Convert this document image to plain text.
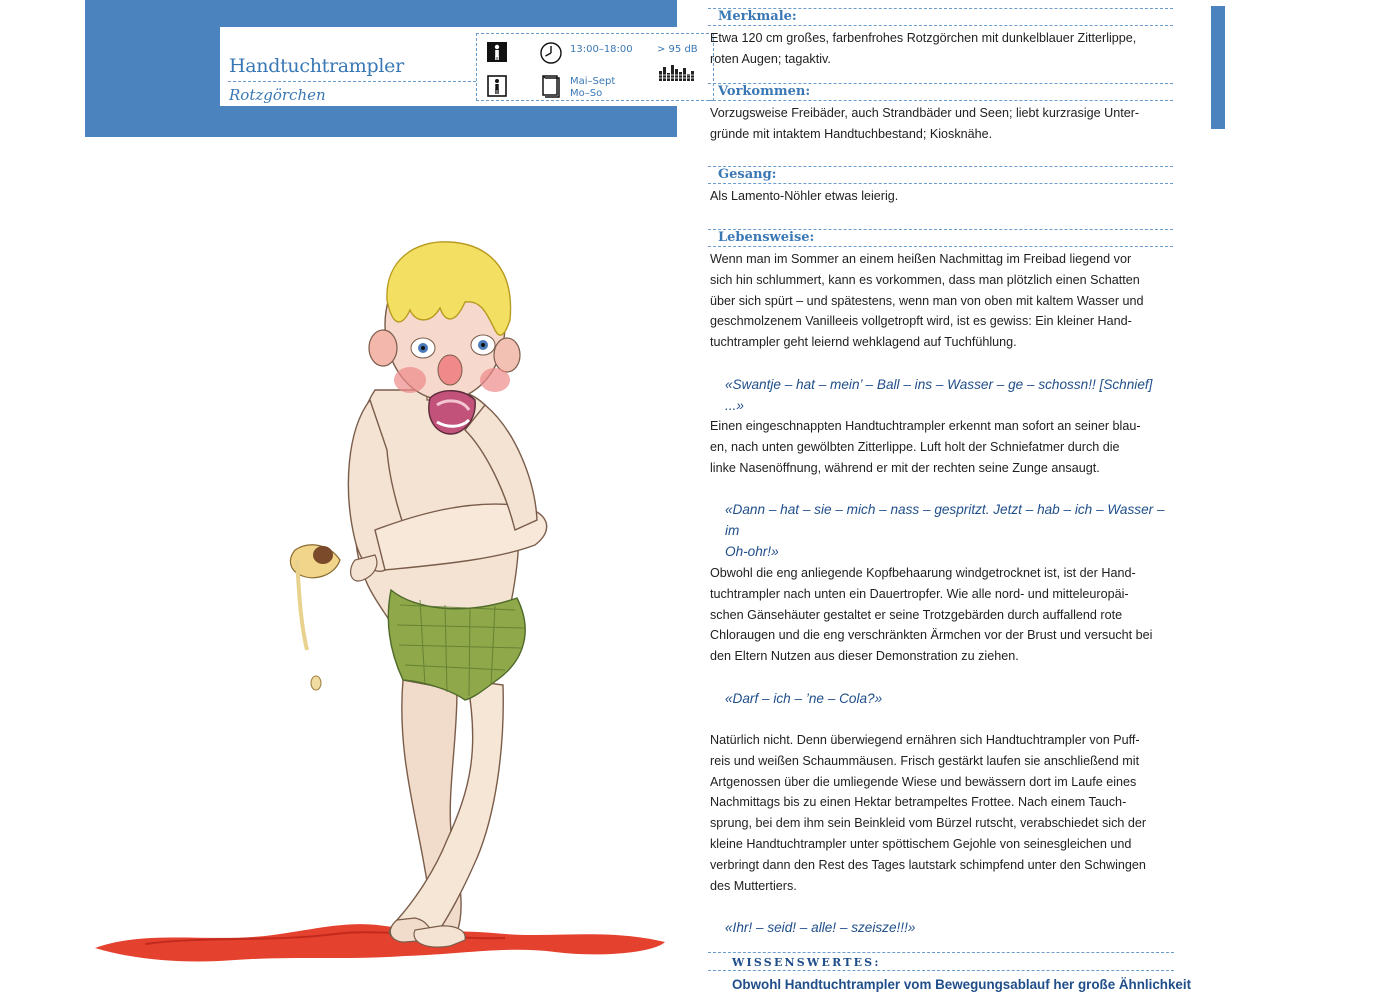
Handtuchtrampler
Rotzgörchen
13:00–18:00
Mai–Sept
Mo–So
> 95 dB
Merkmale:
Etwa 120 cm großes, farbenfrohes Rotzgörchen mit dunkelblauer Zitterlippe,
roten Augen; tagaktiv.
Vorkommen:
Vorzugsweise Freibäder, auch Strandbäder und Seen; liebt kurzrasige Unter-
gründe mit intaktem Handtuchbestand; Kiosknähe.
Gesang:
Als Lamento-Nöhler etwas leierig.
Lebensweise:
Wenn man im Sommer an einem heißen Nachmittag im Freibad liegend vor
sich hin schlummert, kann es vorkommen, dass man plötzlich einen Schatten
über sich spürt – und spätestens, wenn man von oben mit kaltem Wasser und
geschmolzenem Vanilleeis vollgetropft wird, ist es gewiss: Ein kleiner Hand-
tuchtrampler geht leiernd wehklagend auf Tuchfühlung.
«Swantje – hat – mein’ – Ball – ins – Wasser – ge – schossn!! [Schnief] ...»
Einen eingeschnappten Handtuchtrampler erkennt man sofort an seiner blau-
en, nach unten gewölbten Zitterlippe. Luft holt der Schniefatmer durch die
linke Nasenöffnung, während er mit der rechten seine Zunge ansaugt.
«Dann – hat – sie – mich – nass – gespritzt. Jetzt – hab – ich – Wasser – im
Oh-ohr!»
Obwohl die eng anliegende Kopfbehaarung windgetrocknet ist, ist der Hand-
tuchtrampler nach unten ein Dauertropfer. Wie alle nord- und mitteleuropäi-
schen Gänsehäuter gestaltet er seine Trotzgebärden durch auffallend rote
Chloraugen und die eng verschränkten Ärmchen vor der Brust und versucht bei
den Eltern Nutzen aus dieser Demonstration zu ziehen.
«Darf – ich – ’ne – Cola?»
Natürlich nicht. Denn überwiegend ernähren sich Handtuchtrampler von Puff-
reis und weißen Schaummäusen. Frisch gestärkt laufen sie anschließend mit
Artgenossen über die umliegende Wiese und bewässern dort im Laufe eines
Nachmittags bis zu einen Hektar betrampeltes Frottee. Nach einem Tauch-
sprung, bei dem ihm sein Beinkleid vom Bürzel rutscht, verabschiedet sich der
kleine Handtuchtrampler unter spöttischem Gejohle von seinesgleichen und
verbringt dann den Rest des Tages lautstark schimpfend unter den Schwingen
des Muttertiers.
«Ihr! – seid! – alle! – szeisze!!!»
WISSENSWERTES:
Obwohl Handtuchtrampler vom Bewegungsablauf her große Ähnlichkeit
